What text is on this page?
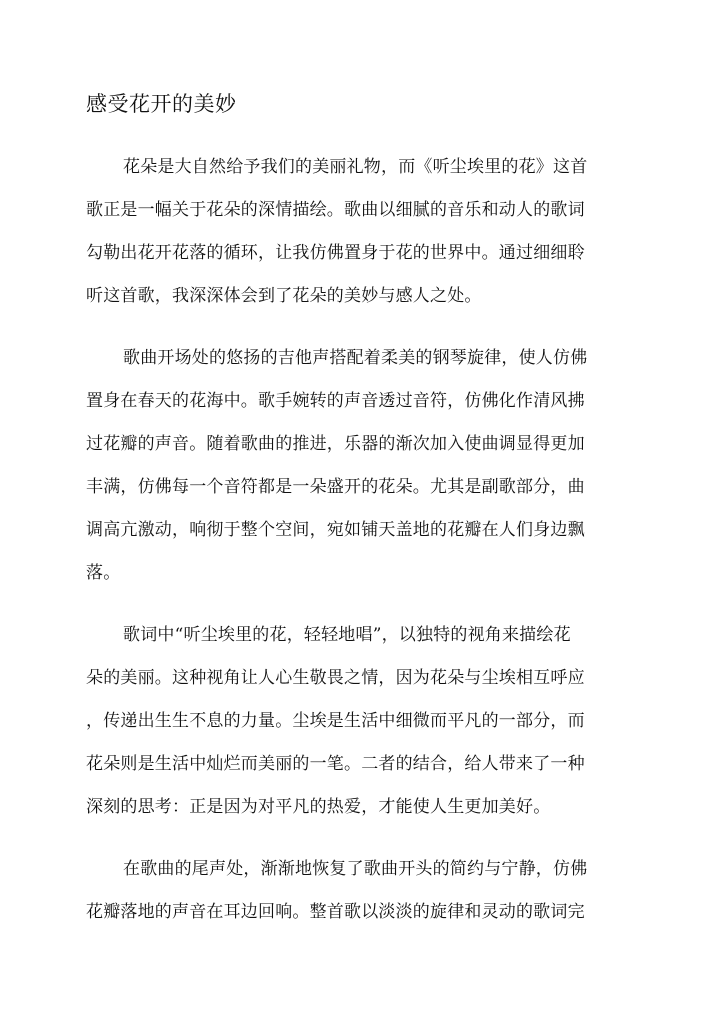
感受花开的美妙
花朵是大自然给予我们的美丽礼物，而《听尘埃里的花》这首
歌正是一幅关于花朵的深情描绘。歌曲以细腻的音乐和动人的歌词
勾勒出花开花落的循环，让我仿佛置身于花的世界中。通过细细聆
听这首歌，我深深体会到了花朵的美妙与感人之处。
歌曲开场处的悠扬的吉他声搭配着柔美的钢琴旋律，使人仿佛
置身在春天的花海中。歌手婉转的声音透过音符，仿佛化作清风拂
过花瓣的声音。随着歌曲的推进，乐器的渐次加入使曲调显得更加
丰满，仿佛每一个音符都是一朵盛开的花朵。尤其是副歌部分，曲
调高亢激动，响彻于整个空间，宛如铺天盖地的花瓣在人们身边飘
落。
歌词中“听尘埃里的花，轻轻地唱”，以独特的视角来描绘花
朵的美丽。这种视角让人心生敬畏之情，因为花朵与尘埃相互呼应
，传递出生生不息的力量。尘埃是生活中细微而平凡的一部分，而
花朵则是生活中灿烂而美丽的一笔。二者的结合，给人带来了一种
深刻的思考：正是因为对平凡的热爱，才能使人生更加美好。
在歌曲的尾声处，渐渐地恢复了歌曲开头的简约与宁静，仿佛
花瓣落地的声音在耳边回响。整首歌以淡淡的旋律和灵动的歌词完
